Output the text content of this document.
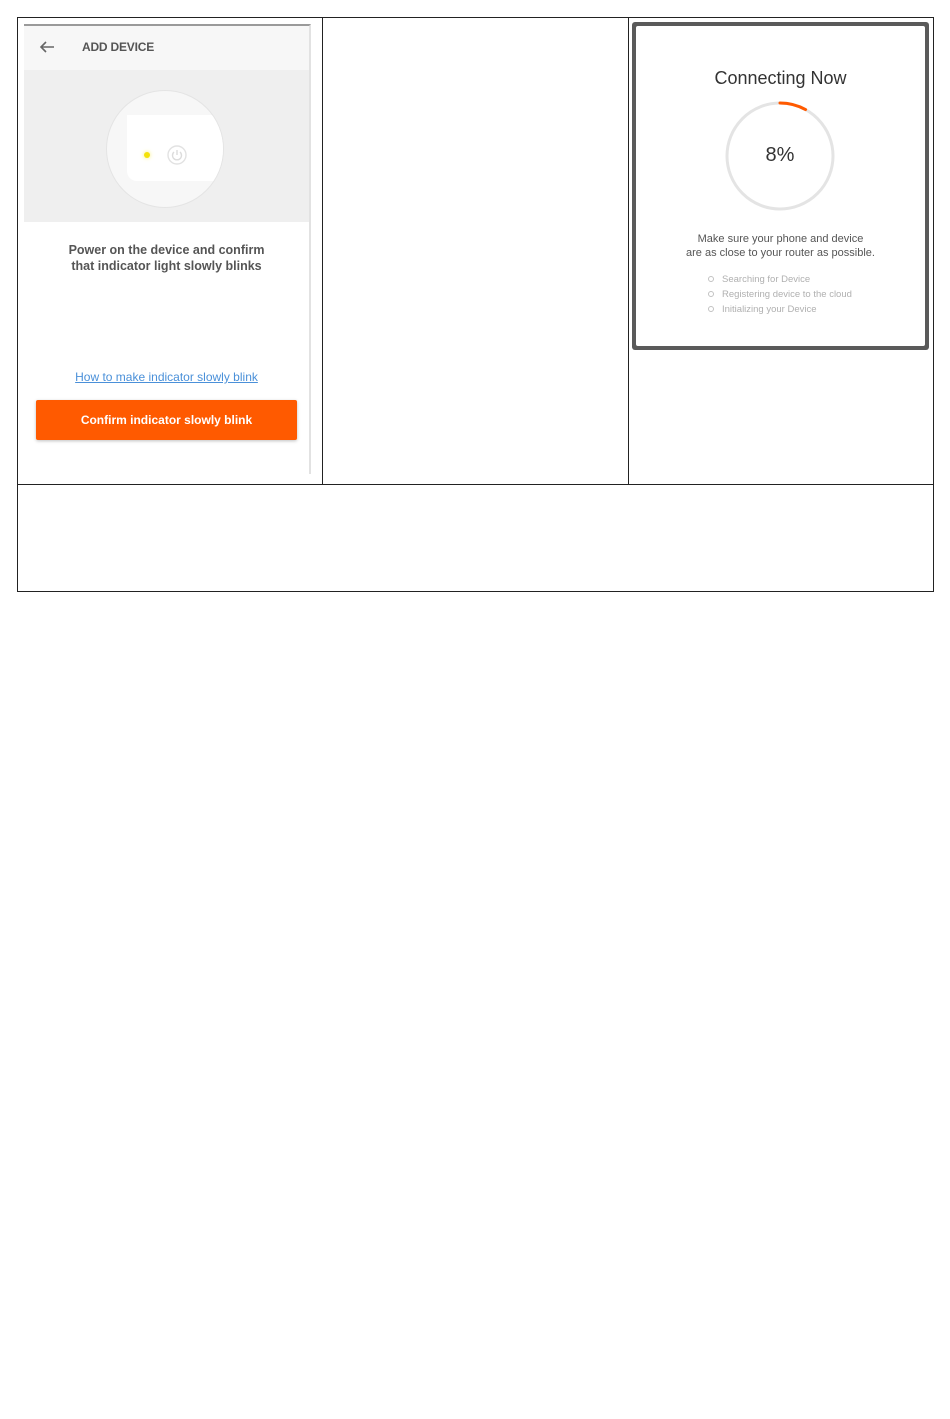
ADD DEVICE
Power on the device and confirm
that indicator light slowly blinks
How to make indicator slowly blink
Confirm indicator slowly blink
Connecting Now
8%
Make sure your phone and device
are as close to your router as possible.
Searching for Device
Registering device to the cloud
Initializing your Device
